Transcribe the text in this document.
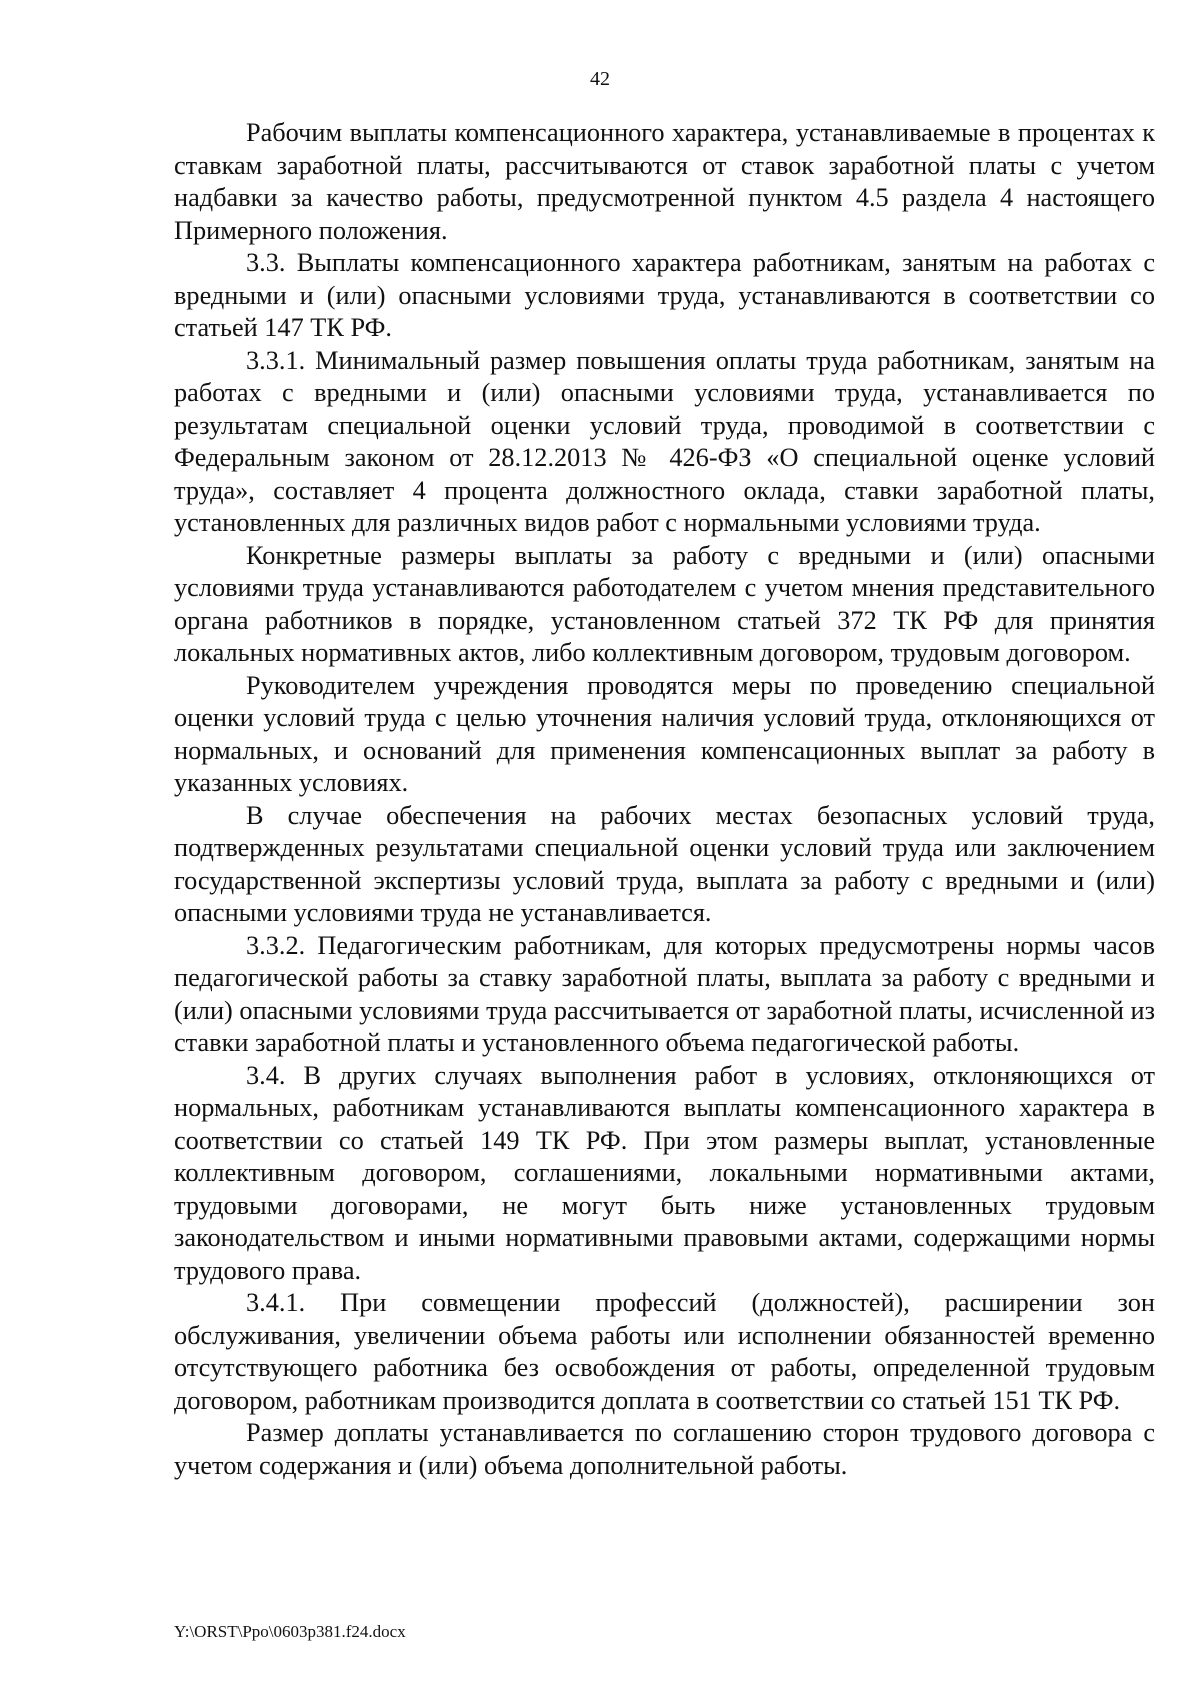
42

Рабочим выплаты компенсационного характера, устанавливаемые в процентах к ставкам заработной платы, рассчитываются от ставок заработной платы с учетом надбавки за качество работы, предусмотренной пунктом 4.5 раздела 4 настоящего Примерного положения.

3.3. Выплаты компенсационного характера работникам, занятым на работах с вредными и (или) опасными условиями труда, устанавливаются в соответствии со статьей 147 ТК РФ.

3.3.1. Минимальный размер повышения оплаты труда работникам, занятым на работах с вредными и (или) опасными условиями труда, устанавливается по результатам специальной оценки условий труда, проводимой в соответствии с Федеральным законом от 28.12.2013 № 426-ФЗ «О специальной оценке условий труда», составляет 4 процента должностного оклада, ставки заработной платы, установленных для различных видов работ с нормальными условиями труда.

Конкретные размеры выплаты за работу с вредными и (или) опасными условиями труда устанавливаются работодателем с учетом мнения представительного органа работников в порядке, установленном статьей 372 ТК РФ для принятия локальных нормативных актов, либо коллективным договором, трудовым договором.

Руководителем учреждения проводятся меры по проведению специальной оценки условий труда с целью уточнения наличия условий труда, отклоняющихся от нормальных, и оснований для применения компенсационных выплат за работу в указанных условиях.

В случае обеспечения на рабочих местах безопасных условий труда, подтвержденных результатами специальной оценки условий труда или заключением государственной экспертизы условий труда, выплата за работу с вредными и (или) опасными условиями труда не устанавливается.

3.3.2. Педагогическим работникам, для которых предусмотрены нормы часов педагогической работы за ставку заработной платы, выплата за работу с вредными и (или) опасными условиями труда рассчитывается от заработной платы, исчисленной из ставки заработной платы и установленного объема педагогической работы.

3.4. В других случаях выполнения работ в условиях, отклоняющихся от нормальных, работникам устанавливаются выплаты компенсационного характера в соответствии со статьей 149 ТК РФ. При этом размеры выплат, установленные коллективным договором, соглашениями, локальными нормативными актами, трудовыми договорами, не могут быть ниже установленных трудовым законодательством и иными нормативными правовыми актами, содержащими нормы трудового права.

3.4.1. При совмещении профессий (должностей), расширении зон обслуживания, увеличении объема работы или исполнении обязанностей временно отсутствующего работника без освобождения от работы, определенной трудовым договором, работникам производится доплата в соответствии со статьей 151 ТК РФ.

Размер доплаты устанавливается по соглашению сторон трудового договора с учетом содержания и (или) объема дополнительной работы.

Y:\ORST\Ppo\0603p381.f24.docx
